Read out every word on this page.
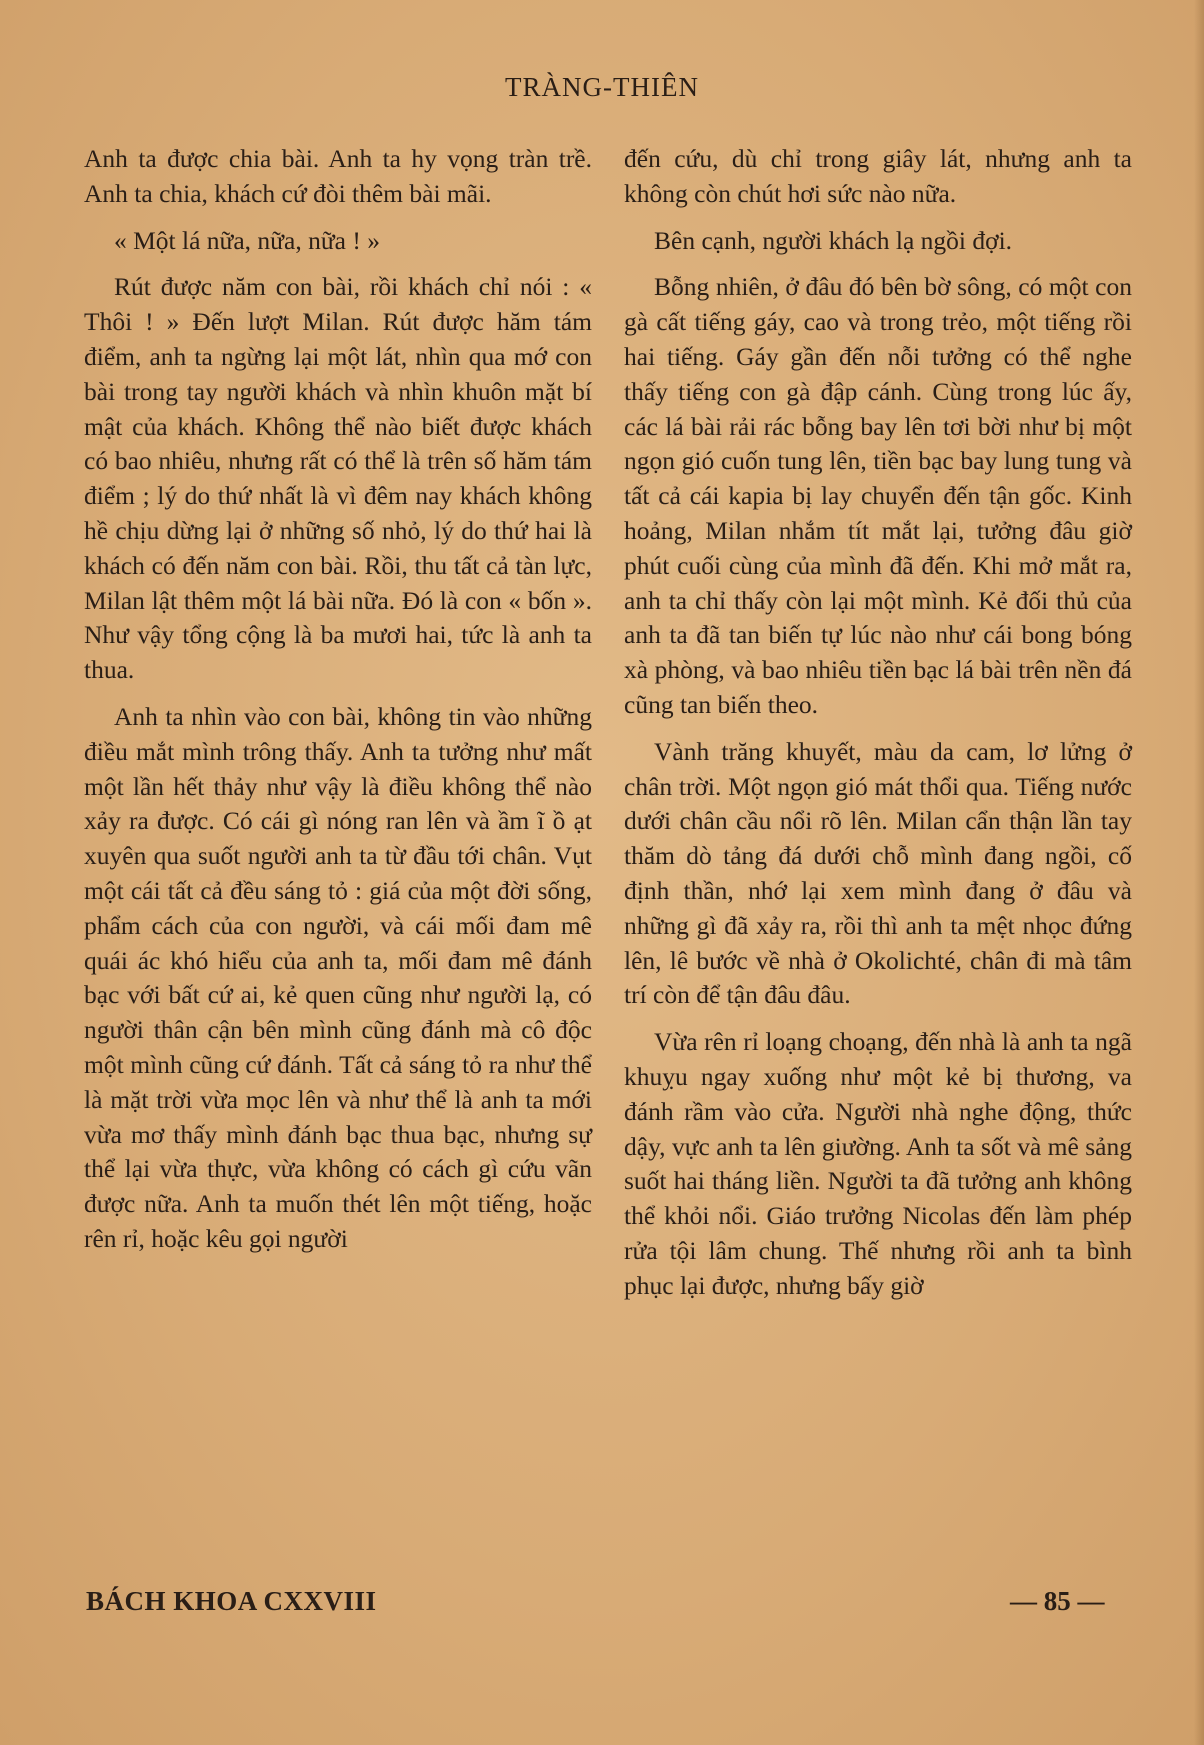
TRÀNG-THIÊN

Anh ta được chia bài. Anh ta hy vọng tràn trề. Anh ta chia, khách cứ đòi thêm bài mãi.

« Một lá nữa, nữa, nữa ! »

Rút được năm con bài, rồi khách chỉ nói : « Thôi ! » Đến lượt Milan. Rút được hăm tám điểm, anh ta ngừng lại một lát, nhìn qua mớ con bài trong tay người khách và nhìn khuôn mặt bí mật của khách. Không thể nào biết được khách có bao nhiêu, nhưng rất có thể là trên số hăm tám điểm ; lý do thứ nhất là vì đêm nay khách không hề chịu dừng lại ở những số nhỏ, lý do thứ hai là khách có đến năm con bài. Rồi, thu tất cả tàn lực, Milan lật thêm một lá bài nữa. Đó là con « bốn ». Như vậy tổng cộng là ba mươi hai, tức là anh ta thua.

Anh ta nhìn vào con bài, không tin vào những điều mắt mình trông thấy. Anh ta tưởng như mất một lần hết thảy như vậy là điều không thể nào xảy ra được. Có cái gì nóng ran lên và ầm ĩ ồ ạt xuyên qua suốt người anh ta từ đầu tới chân. Vụt một cái tất cả đều sáng tỏ : giá của một đời sống, phẩm cách của con người, và cái mối đam mê quái ác khó hiểu của anh ta, mối đam mê đánh bạc với bất cứ ai, kẻ quen cũng như người lạ, có người thân cận bên mình cũng đánh mà cô độc một mình cũng cứ đánh. Tất cả sáng tỏ ra như thể là mặt trời vừa mọc lên và như thể là anh ta mới vừa mơ thấy mình đánh bạc thua bạc, nhưng sự thể lại vừa thực, vừa không có cách gì cứu vãn được nữa. Anh ta muốn thét lên một tiếng, hoặc rên rỉ, hoặc kêu gọi người

đến cứu, dù chỉ trong giây lát, nhưng anh ta không còn chút hơi sức nào nữa.

Bên cạnh, người khách lạ ngồi đợi.

Bỗng nhiên, ở đâu đó bên bờ sông, có một con gà cất tiếng gáy, cao và trong trẻo, một tiếng rồi hai tiếng. Gáy gần đến nỗi tưởng có thể nghe thấy tiếng con gà đập cánh. Cùng trong lúc ấy, các lá bài rải rác bỗng bay lên tơi bời như bị một ngọn gió cuốn tung lên, tiền bạc bay lung tung và tất cả cái kapia bị lay chuyển đến tận gốc. Kinh hoảng, Milan nhắm tít mắt lại, tưởng đâu giờ phút cuối cùng của mình đã đến. Khi mở mắt ra, anh ta chỉ thấy còn lại một mình. Kẻ đối thủ của anh ta đã tan biến tự lúc nào như cái bong bóng xà phòng, và bao nhiêu tiền bạc lá bài trên nền đá cũng tan biến theo.

Vành trăng khuyết, màu da cam, lơ lửng ở chân trời. Một ngọn gió mát thổi qua. Tiếng nước dưới chân cầu nổi rõ lên. Milan cẩn thận lần tay thăm dò tảng đá dưới chỗ mình đang ngồi, cố định thần, nhớ lại xem mình đang ở đâu và những gì đã xảy ra, rồi thì anh ta mệt nhọc đứng lên, lê bước về nhà ở Okolichté, chân đi mà tâm trí còn để tận đâu đâu.

Vừa rên rỉ loạng choạng, đến nhà là anh ta ngã khuỵu ngay xuống như một kẻ bị thương, va đánh rầm vào cửa. Người nhà nghe động, thức dậy, vực anh ta lên giường. Anh ta sốt và mê sảng suốt hai tháng liền. Người ta đã tưởng anh không thể khỏi nổi. Giáo trưởng Nicolas đến làm phép rửa tội lâm chung. Thế nhưng rồi anh ta bình phục lại được, nhưng bấy giờ

BÁCH KHOA CXXVIII	— 85 —
